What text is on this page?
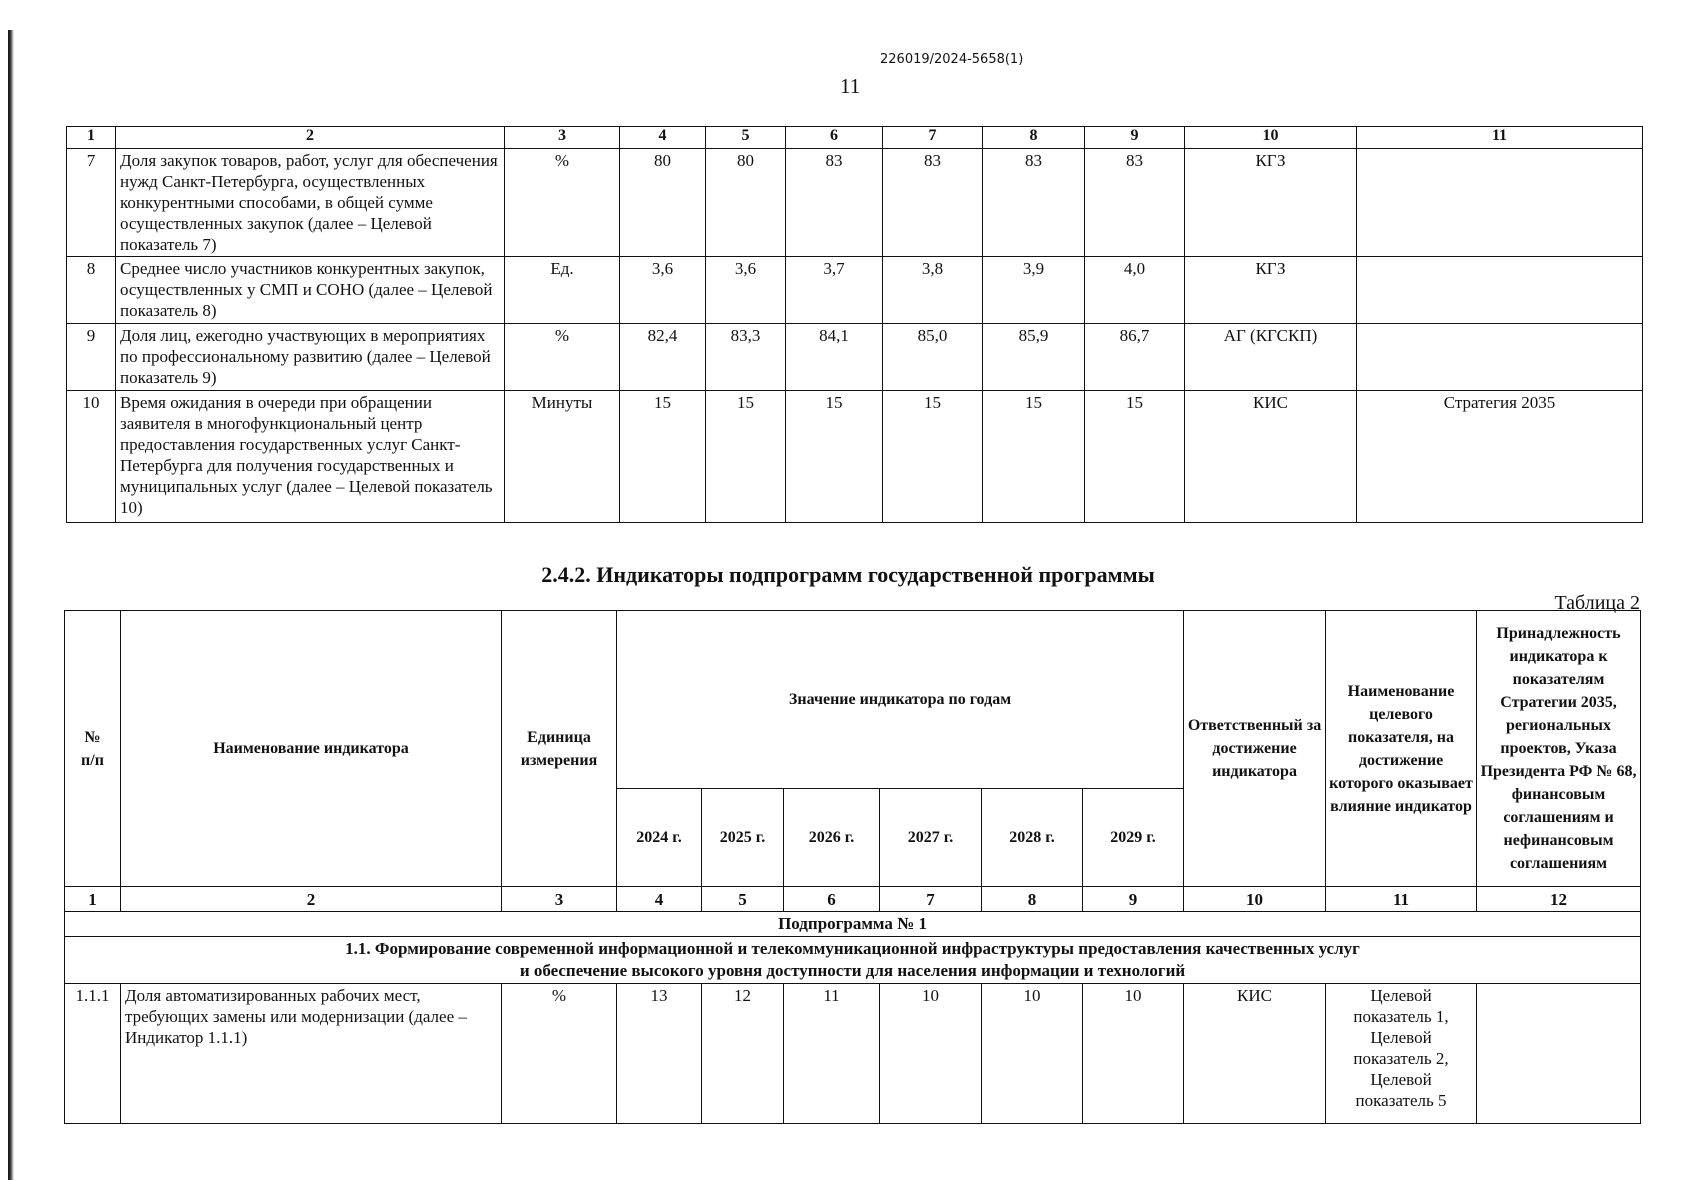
226019/2024-5658(1)
11
1	2	3	4	5	6	7	8	9	10	11
7	Доля закупок товаров, работ, услуг для обеспечения нужд Санкт-Петербурга, осуществленных конкурентными способами, в общей сумме осуществленных закупок (далее – Целевой показатель 7)	%	80	80	83	83	83	83	КГЗ	
8	Среднее число участников конкурентных закупок, осуществленных у СМП и СОНО (далее – Целевой показатель 8)	Ед.	3,6	3,6	3,7	3,8	3,9	4,0	КГЗ	
9	Доля лиц, ежегодно участвующих в мероприятиях по профессиональному развитию (далее – Целевой показатель 9)	%	82,4	83,3	84,1	85,0	85,9	86,7	АГ (КГСКП)	
10	Время ожидания в очереди при обращении заявителя в многофункциональный центр предоставления государственных услуг Санкт-Петербурга для получения государственных и муниципальных услуг (далее – Целевой показатель 10)	Минуты	15	15	15	15	15	15	КИС	Стратегия 2035
2.4.2. Индикаторы подпрограмм государственной программы
Таблица 2
№
п/п	Наименование индикатора	Единица измерения	Значение индикатора по годам						Ответственный за достижение индикатора	Наименование целевого показателя, на достижение которого оказывает влияние индикатор	Принадлежность индикатора к показателям Стратегии 2035, региональных проектов, Указа Президента РФ № 68, финансовым соглашениям и нефинансовым соглашениям
			2024 г.	2025 г.	2026 г.	2027 г.	2028 г.	2029 г.			
1	2	3	4	5	6	7	8	9	10	11	12
Подпрограмма № 1											
1.1. Формирование современной информационной и телекоммуникационной инфраструктуры предоставления качественных услуг
и обеспечение высокого уровня доступности для населения информации и технологий											
1.1.1	Доля автоматизированных рабочих мест, требующих замены или модернизации (далее – Индикатор 1.1.1)	%	13	12	11	10	10	10	КИС	Целевой показатель 1, Целевой показатель 2, Целевой показатель 5	
